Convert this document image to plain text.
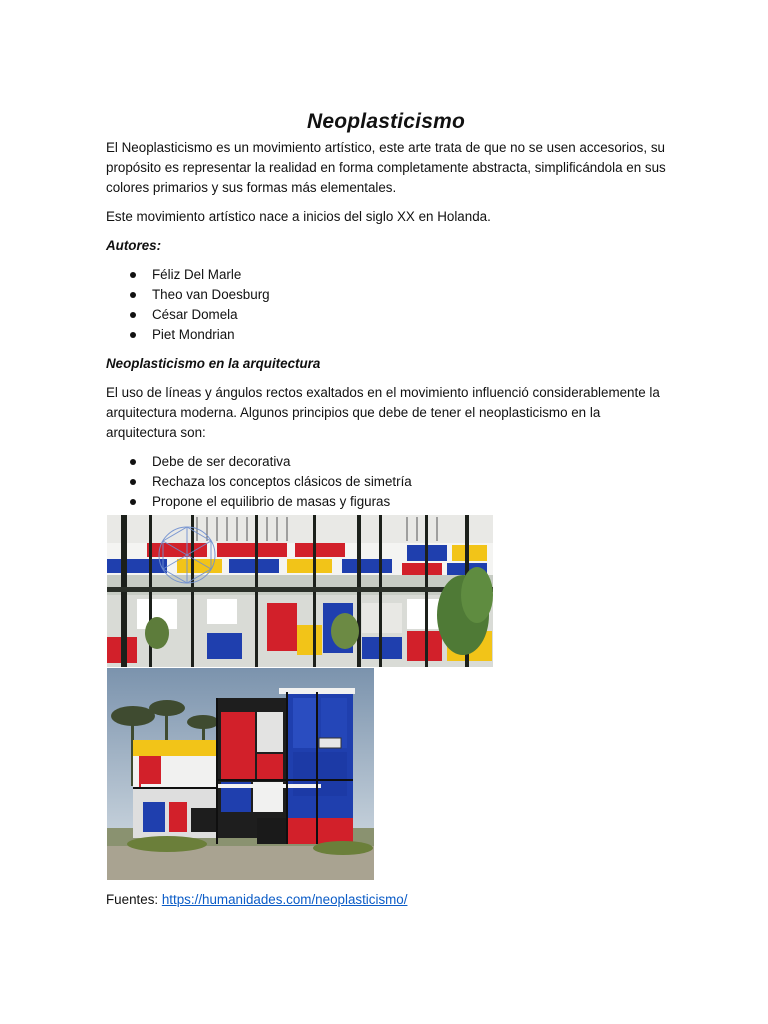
Neoplasticismo

El Neoplasticismo es un movimiento artístico, este arte trata de que no se usen accesorios, su propósito es representar la realidad en forma completamente abstracta, simplificándola en sus colores primarios y sus formas más elementales.

Este movimiento artístico nace a inicios del siglo XX en Holanda.

Autores:

Féliz Del Marle
Theo van Doesburg
César Domela
Piet Mondrian

Neoplasticismo en la arquitectura

El uso de líneas y ángulos rectos exaltados en el movimiento influenció considerablemente la arquitectura moderna. Algunos principios que debe de tener el neoplasticismo en la arquitectura son:

Debe de ser decorativa
Rechaza los conceptos clásicos de simetría
Propone el equilibrio de masas y figuras
Fuentes: https://humanidades.com/neoplasticismo/
